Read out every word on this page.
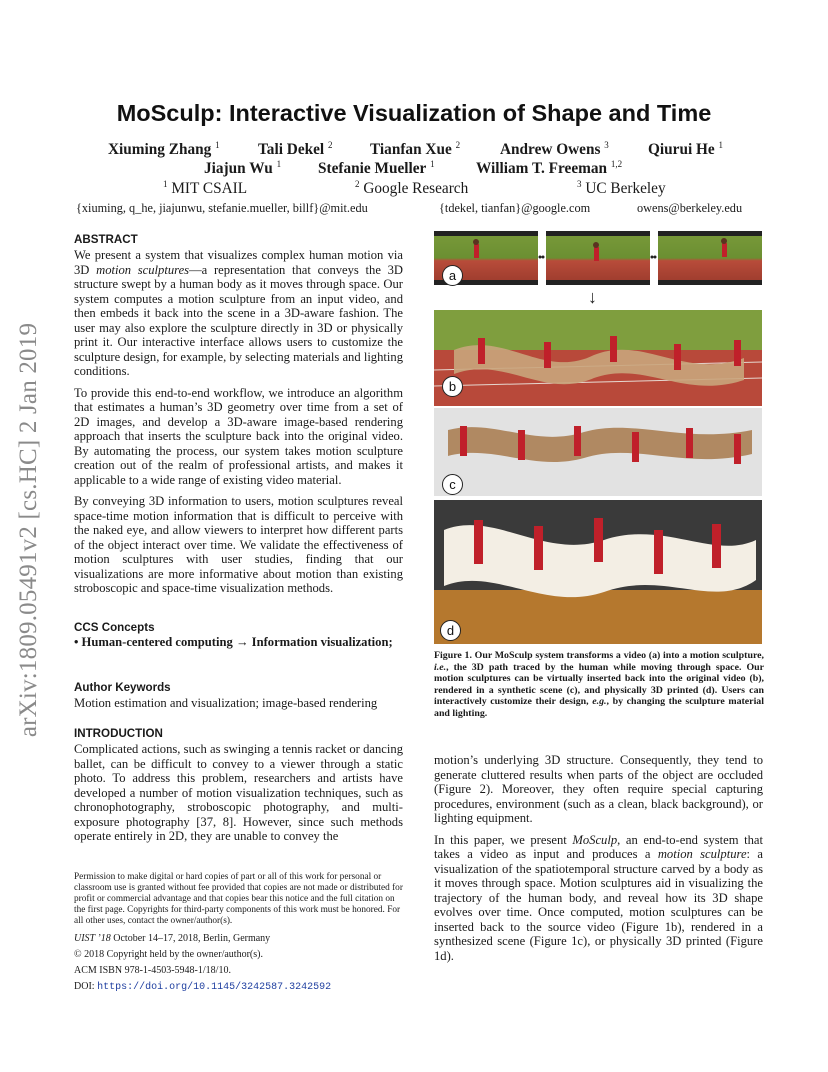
arXiv:1809.05491v2 [cs.HC] 2 Jan 2019
MoSculp: Interactive Visualization of Shape and Time
Xiuming Zhang $^1$	Tali Dekel $^2$ Tianfan Xue $^2$	Andrew Owens $^3$	Qiurui He $^1$
Jiajun Wu $^1$ Stefanie Mueller $^1$	William T. Freeman $^{1,2}$
$^1$ MIT CSAIL	$^2$ Google Research	$^3$ UC Berkeley
{xiuming, q_he, jiajunwu, stefanie.mueller, billf}@mit.edu	{tdekel, tianfan}@google.com	owens@berkeley.edu
ABSTRACT

We present a system that visualizes complex human motion via 3D motion sculptures—a representation that conveys the 3D structure swept by a human body as it moves through space. Our system computes a motion sculpture from an input video, and then embeds it back into the scene in a 3D-aware fashion. The user may also explore the sculpture directly in 3D or physically print it. Our interactive interface allows users to customize the sculpture design, for example, by selecting materials and lighting conditions.

To provide this end-to-end workflow, we introduce an algorithm that estimates a human’s 3D geometry over time from a set of 2D images, and develop a 3D-aware image-based rendering approach that inserts the sculpture back into the original video. By automating the process, our system takes motion sculpture creation out of the realm of professional artists, and makes it applicable to a wide range of existing video material.

By conveying 3D information to users, motion sculptures reveal space-time motion information that is difficult to perceive with the naked eye, and allow viewers to interpret how different parts of the object interact over time. We validate the effectiveness of motion sculptures with user studies, finding that our visualizations are more informative about motion than existing stroboscopic and space-time visualization methods.

CCS Concepts
• Human-centered computing → Information visualization;
Author Keywords
Motion estimation and visualization; image-based rendering
INTRODUCTION
Complicated actions, such as swinging a tennis racket or dancing ballet, can be difficult to convey to a viewer through a static photo. To address this problem, researchers and artists have developed a number of motion visualization techniques, such as chronophotography, stroboscopic photography, and multi-exposure photography [37, 8]. However, since such methods operate entirely in 2D, they are unable to convey the
Permission to make digital or hard copies of part or all of this work for personal or classroom use is granted without fee provided that copies are not made or distributed for profit or commercial advantage and that copies bear this notice and the full citation on the first page. Copyrights for third-party components of this work must be honored. For all other uses, contact the owner/author(s).
UIST ’18 October 14–17, 2018, Berlin, Germany
© 2018 Copyright held by the owner/author(s).
ACM ISBN 978-1-4503-5948-1/18/10.
DOI: https://doi.org/10.1145/3242587.3242592
a
↓
b
c
d
Figure 1. Our MoSculp system transforms a video (a) into a motion sculpture, i.e., the 3D path traced by the human while moving through space. Our motion sculptures can be virtually inserted back into the original video (b), rendered in a synthetic scene (c), and physically 3D printed (d). Users can interactively customize their design, e.g., by changing the sculpture material and lighting.

motion’s underlying 3D structure. Consequently, they tend to generate cluttered results when parts of the object are occluded (Figure 2). Moreover, they often require special capturing procedures, environment (such as a clean, black background), or lighting equipment.

In this paper, we present MoSculp, an end-to-end system that takes a video as input and produces a motion sculpture: a visualization of the spatiotemporal structure carved by a body as it moves through space. Motion sculptures aid in visualizing the trajectory of the human body, and reveal how its 3D shape evolves over time. Once computed, motion sculptures can be inserted back to the source video (Figure 1b), rendered in a synthesized scene (Figure 1c), or physically 3D printed (Figure 1d).
